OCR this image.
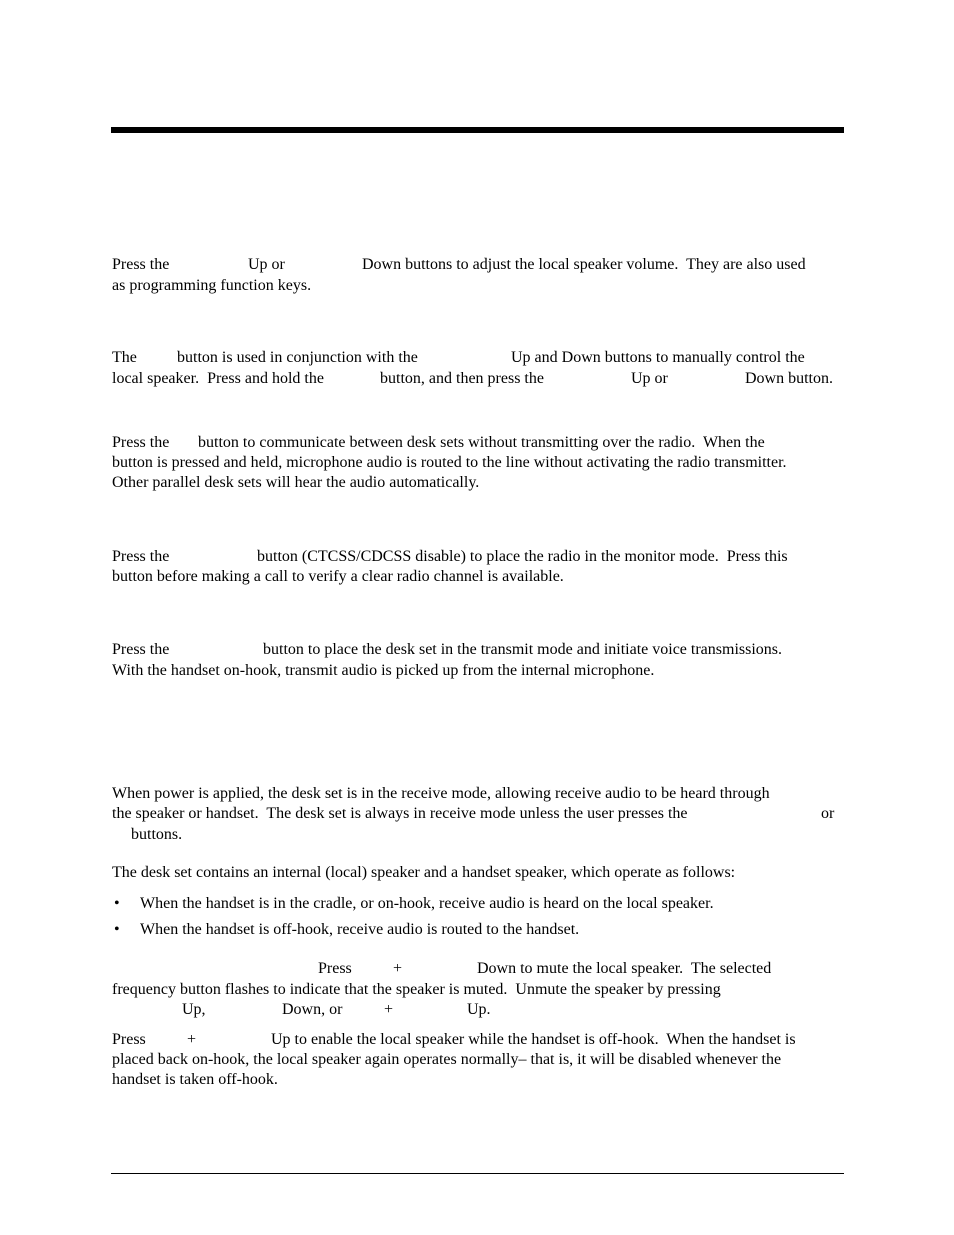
Press the	Up or	Down buttons to adjust the local speaker volume.  They are also used
as programming function keys.
The	button is used in conjunction with the	Up and Down buttons to manually control the
local speaker.  Press and hold the	button, and then press the	Up or	Down button.
Press the button to communicate between desk sets without transmitting over the radio.  When the
button is pressed and held, microphone audio is routed to the line without activating the radio transmitter.
Other parallel desk sets will hear the audio automatically.
Press the	button (CTCSS/CDCSS disable) to place the radio in the monitor mode.  Press this
button before making a call to verify a clear radio channel is available.
Press the	button to place the desk set in the transmit mode and initiate voice transmissions.
With the handset on-hook, transmit audio is picked up from the internal microphone.
When power is applied, the desk set is in the receive mode, allowing receive audio to be heard through
the speaker or handset.  The desk set is always in receive mode unless the user presses the	or
buttons.
The desk set contains an internal (local) speaker and a handset speaker, which operate as follows:
• When the handset is in the cradle, or on-hook, receive audio is heard on the local speaker.
• When the handset is off-hook, receive audio is routed to the handset.
Press	+	Down to mute the local speaker.  The selected
frequency button flashes to indicate that the speaker is muted.  Unmute the speaker by pressing
Up,	Down, or	+	Up.
Press	+	Up to enable the local speaker while the handset is off-hook.  When the handset is
placed back on-hook, the local speaker again operates normally– that is, it will be disabled whenever the
handset is taken off-hook.
